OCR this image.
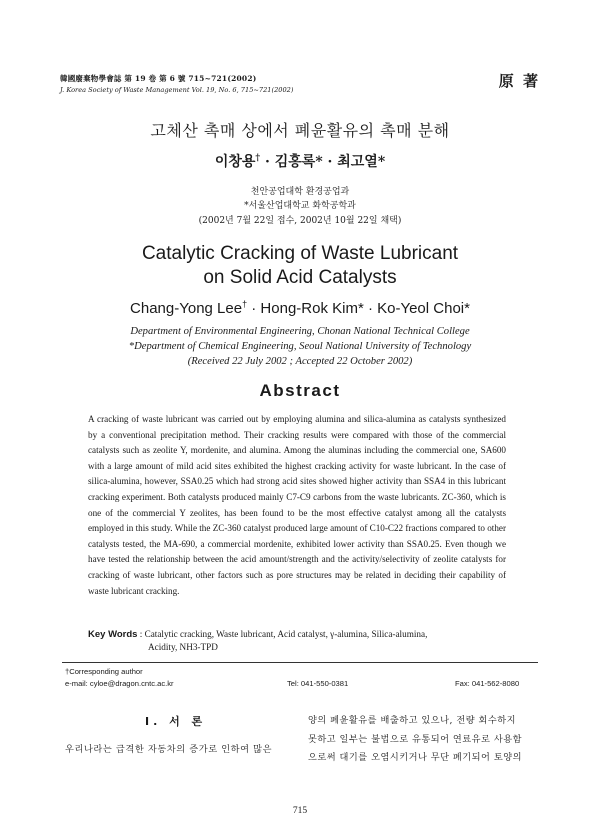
韓國廢棄物學會誌 第 19 卷 第 6 號 715~721(2002)
J. Korea Society of Waste Management Vol. 19, No. 6, 715~721(2002)	原 著
고체산 촉매 상에서 폐윤활유의 촉매 분해
이창용† · 김홍록* · 최고열*
천안공업대학 환경공업과
*서울산업대학교 화학공학과
(2002년 7월 22일 접수, 2002년 10월 22일 채택)
Catalytic Cracking of Waste Lubricant
on Solid Acid Catalysts
Chang-Yong Lee† · Hong-Rok Kim* · Ko-Yeol Choi*
Department of Environmental Engineering, Chonan National Technical College
*Department of Chemical Engineering, Seoul National University of Technology
(Received 22 July 2002 ; Accepted 22 October 2002)
Abstract

A cracking of waste lubricant was carried out by employing alumina and silica-alumina as catalysts synthesized by a conventional precipitation method. Their cracking results were compared with those of the commercial catalysts such as zeolite Y, mordenite, and alumina. Among the aluminas including the commercial one, SA600 with a large amount of mild acid sites exhibited the highest cracking activity for waste lubricant. In the case of silica-alumina, however, SSA0.25 which had strong acid sites showed higher activity than SSA4 in this lubricant cracking experiment. Both catalysts produced mainly C7-C9 carbons from the waste lubricants. ZC-360, which is one of the commercial Y zeolites, has been found to be the most effective catalyst among all the catalysts employed in this study. While the ZC-360 catalyst produced large amount of C10-C22 fractions compared to other catalysts tested, the MA-690, a commercial mordenite, exhibited lower activity than SSA0.25. Even though we have tested the relationship between the acid amount/strength and the activity/selectivity of zeolite catalysts for cracking of waste lubricant, other factors such as pore structures may be related in deciding their capability of waste lubricant cracking.

Key Words : Catalytic cracking, Waste lubricant, Acid catalyst, γ-alumina, Silica-alumina,
Acidity, NH3-TPD
†Corresponding author
e-mail: cyloe@dragon.cntc.ac.kr	Tel: 041-550-0381	Fax: 041-562-8080
Ⅰ. 서 론
우리나라는 급격한 자동차의 증가로 인하여 많은
양의 폐윤활유를 배출하고 있으나, 전량 회수하지
못하고 일부는 불법으로 유통되어 연료유로 사용함
으로써 대기를 오염시키거나 무단 폐기되어 토양의
715
